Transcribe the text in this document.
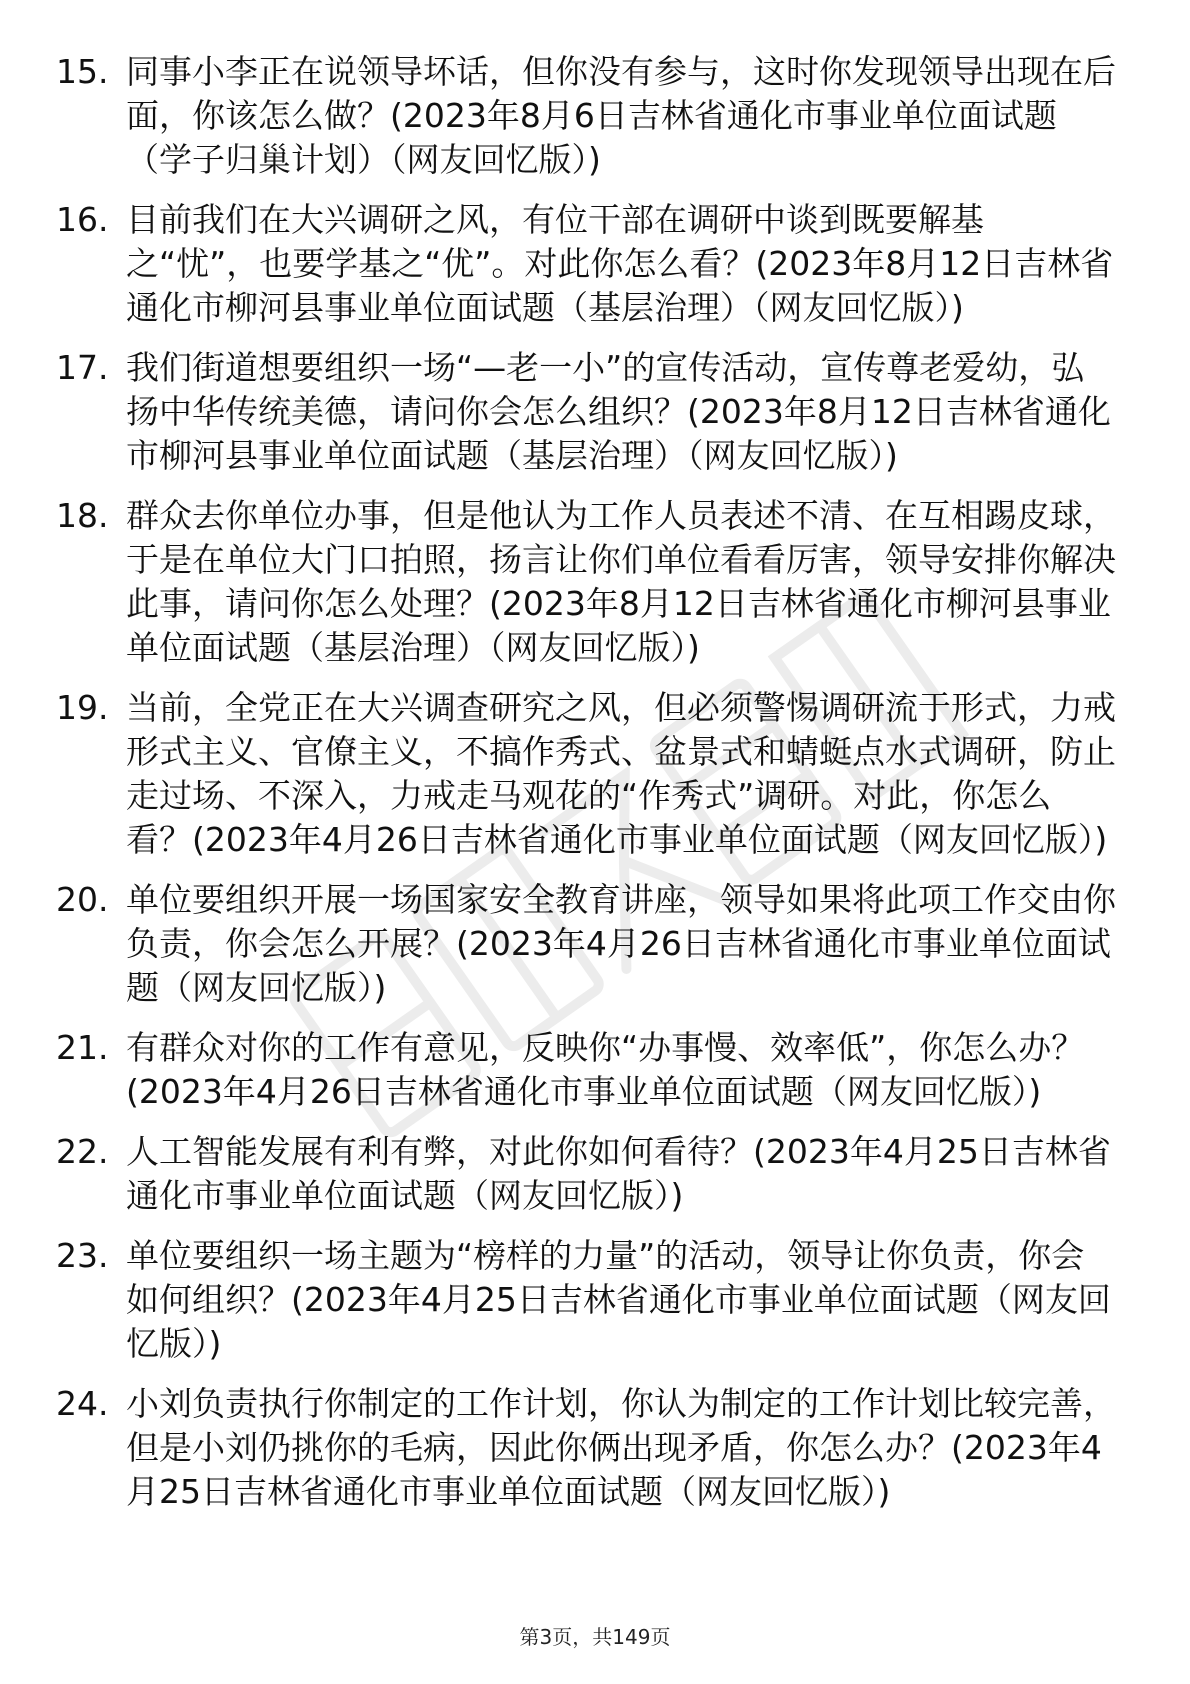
15. 同事小李正在说领导坏话，但你没有参与，这时你发现领导出现在后面，你该怎么做？(2023年8月6日吉林省通化市事业单位面试题（学子归巢计划）（网友回忆版）)
16. 目前我们在大兴调研之风，有位干部在调研中谈到既要解基之“忧”，也要学基之“优”。对此你怎么看？(2023年8月12日吉林省通化市柳河县事业单位面试题（基层治理）（网友回忆版）)
17. 我们街道想要组织一场“—老一小”的宣传活动，宣传尊老爱幼，弘扬中华传统美德，请问你会怎么组织？(2023年8月12日吉林省通化市柳河县事业单位面试题（基层治理）（网友回忆版）)
18. 群众去你单位办事，但是他认为工作人员表述不清、在互相踢皮球，于是在单位大门口拍照，扬言让你们单位看看厉害，领导安排你解决此事，请问你怎么处理？(2023年8月12日吉林省通化市柳河县事业单位面试题（基层治理）（网友回忆版）)
19. 当前，全党正在大兴调查研究之风，但必须警惕调研流于形式，力戒形式主义、官僚主义，不搞作秀式、盆景式和蜻蜓点水式调研，防止走过场、不深入，力戒走马观花的“作秀式”调研。对此，你怎么看？(2023年4月26日吉林省通化市事业单位面试题（网友回忆版）)
20. 单位要组织开展一场国家安全教育讲座，领导如果将此项工作交由你负责，你会怎么开展？(2023年4月26日吉林省通化市事业单位面试题（网友回忆版）)
21. 有群众对你的工作有意见，反映你“办事慢、效率低”，你怎么办？(2023年4月26日吉林省通化市事业单位面试题（网友回忆版）)
22. 人工智能发展有利有弊，对此你如何看待？(2023年4月25日吉林省通化市事业单位面试题（网友回忆版）)
23. 单位要组织一场主题为“榜样的力量”的活动，领导让你负责，你会如何组织？(2023年4月25日吉林省通化市事业单位面试题（网友回忆版）)
24. 小刘负责执行你制定的工作计划，你认为制定的工作计划比较完善，但是小刘仍挑你的毛病，因此你俩出现矛盾，你怎么办？(2023年4月25日吉林省通化市事业单位面试题（网友回忆版）)
第3页，共149页
